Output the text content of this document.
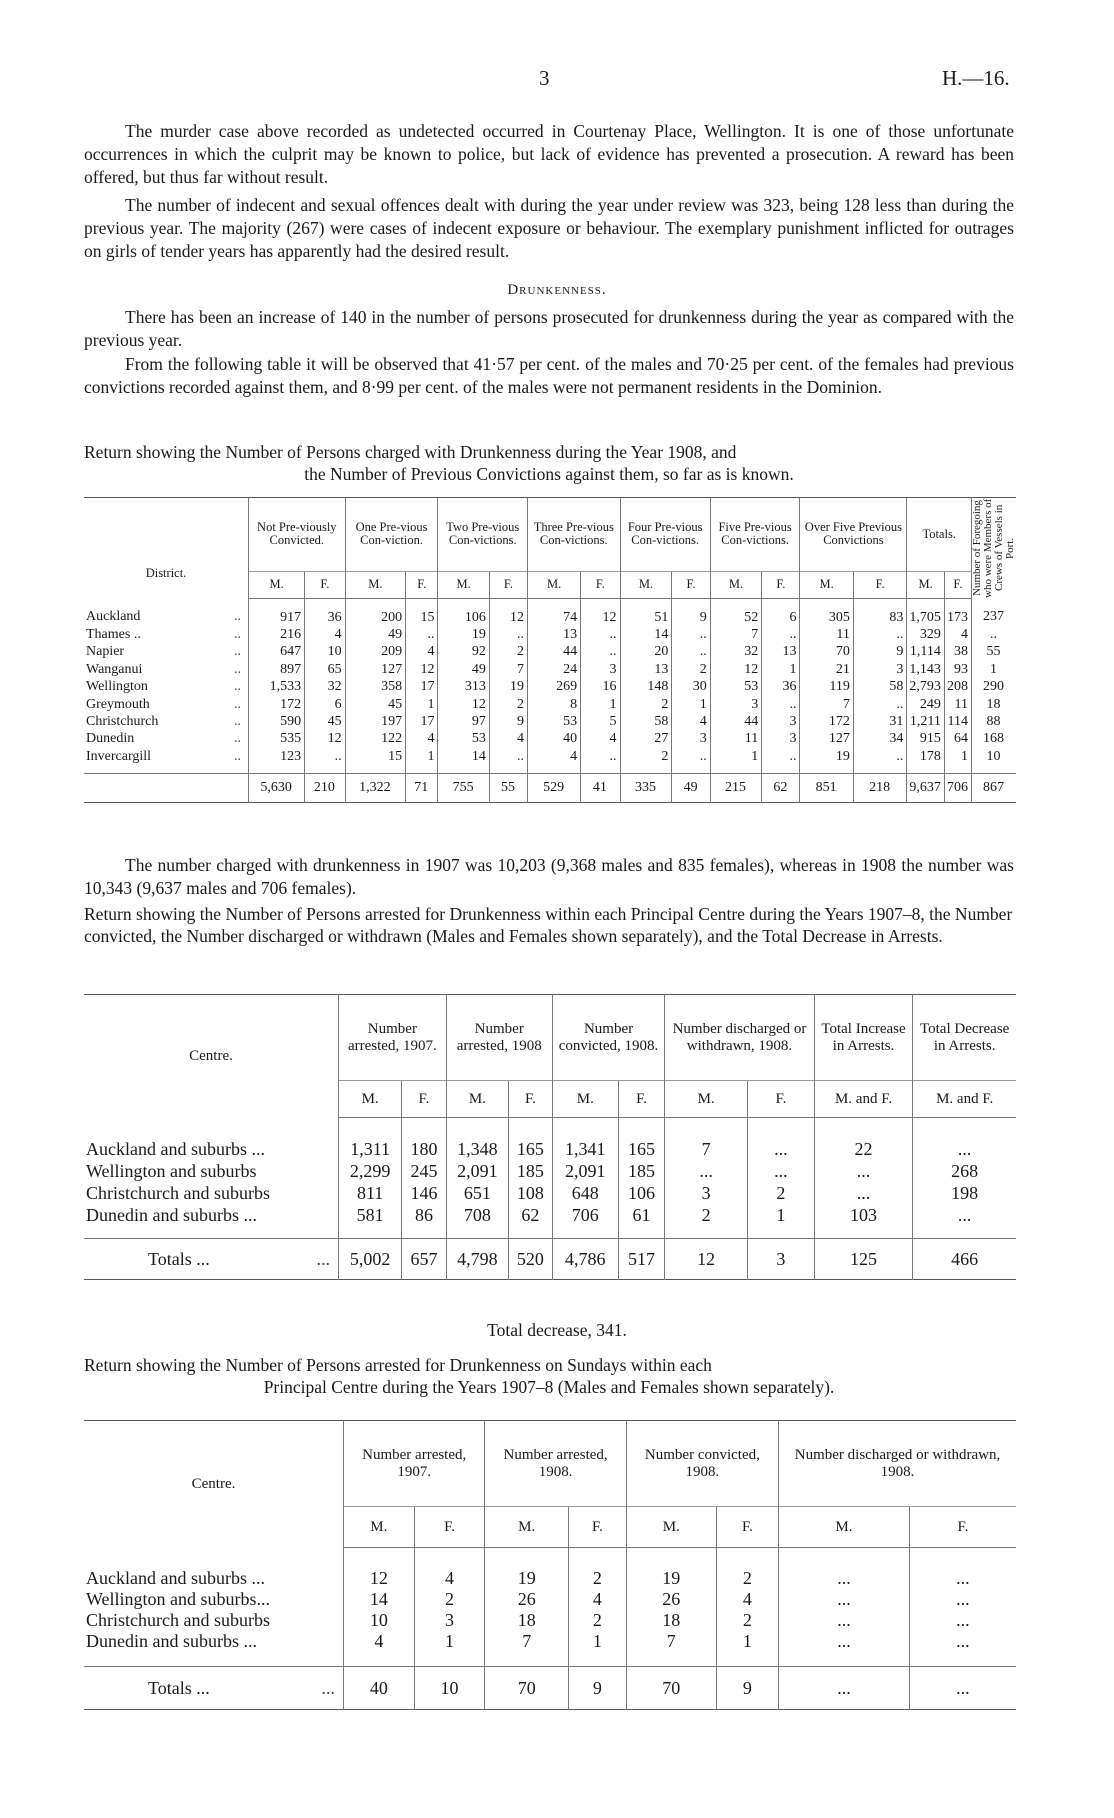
3	H.—16.

The murder case above recorded as undetected occurred in Courtenay Place, Wellington. It is one of those unfortunate occurrences in which the culprit may be known to police, but lack of evidence has prevented a prosecution. A reward has been offered, but thus far without result.

The number of indecent and sexual offences dealt with during the year under review was 323, being 128 less than during the previous year. The majority (267) were cases of indecent exposure or behaviour. The exemplary punishment inflicted for outrages on girls of tender years has apparently had the desired result.

Drunkenness.

There has been an increase of 140 in the number of persons prosecuted for drunkenness during the year as compared with the previous year.

From the following table it will be observed that 41·57 per cent. of the males and 70·25 per cent. of the females had previous convictions recorded against them, and 8·99 per cent. of the males were not permanent residents in the Dominion.

Return showing the Number of Persons charged with Drunkenness during the Year 1908, and
the Number of Previous Convictions against them, so far as is known.
District.	Not Pre-viously Convicted.		One Pre-vious Con-viction.		Two Pre-vious Con-victions.		Three Pre-vious Con-victions.		Four Pre-vious Con-victions.		Five Pre-vious Con-victions.		Over Five Previous Convictions		Totals.		Number of Foregoing who were Members of Crews of Vessels in Port.

	M.	F.	M.	F.	M.	F.	M.	F.	M.	F.	M.	F.	M.	F.	M.	F.	
Auckland ..	917	36	200	15	106	12	74	12	51	9	52	6	305	83	1,705	173	237
Thames .. ..	216	4	49	..	19	..	13	..	14	..	7	..	11	..	329	4	..
Napier ..	647	10	209	4	92	2	44	..	20	..	32	13	70	9	1,114	38	55
Wanganui ..	897	65	127	12	49	7	24	3	13	2	12	1	21	3	1,143	93	1
Wellington ..	1,533	32	358	17	313	19	269	16	148	30	53	36	119	58	2,793	208	290
Greymouth ..	172	6	45	1	12	2	8	1	2	1	3	..	7	..	249	11	18
Christchurch ..	590	45	197	17	97	9	53	5	58	4	44	3	172	31	1,211	114	88
Dunedin ..	535	12	122	4	53	4	40	4	27	3	11	3	127	34	915	64	168
Invercargill ..	123	..	15	1	14	..	4	..	2	..	1	..	19	..	178	1	10
	5,630	210	1,322	71	755	55	529	41	335	49	215	62	851	218	9,637	706	867

The number charged with drunkenness in 1907 was 10,203 (9,368 males and 835 females), whereas in 1908 the number was 10,343 (9,637 males and 706 females).

Return showing the Number of Persons arrested for Drunkenness within each Principal Centre during the Years 1907–8, the Number convicted, the Number discharged or withdrawn (Males and Females shown separately), and the Total Decrease in Arrests.
Centre.	Number arrested, 1907.		Number arrested, 1908		Number convicted, 1908.		Number discharged or withdrawn, 1908.		Total Increase in Arrests.	Total Decrease in Arrests.
	M.	F.	M.	F.	M.	F.	M.	F.	M. and F.	M. and F.
Auckland and suburbs ...	1,311	180	1,348	165	1,341	165	7	...	22	...
Wellington and suburbs	2,299	245	2,091	185	2,091	185	...	...	...	268
Christchurch and suburbs	811	146	651	108	648	106	3	2	...	198
Dunedin and suburbs ...	581	86	708	62	706	61	2	1	103	...
Totals ... ...	5,002	657	4,798	520	4,786	517	12	3	125	466
Total decrease, 341.
Return showing the Number of Persons arrested for Drunkenness on Sundays within each
Principal Centre during the Years 1907–8 (Males and Females shown separately).
Centre.	Number arrested, 1907.		Number arrested, 1908.		Number convicted, 1908.		Number discharged or withdrawn, 1908.	
	M.	F.	M.	F.	M.	F.	M.	F.
Auckland and suburbs ...	12	4	19	2	19	2	...	...
Wellington and suburbs...	14	2	26	4	26	4	...	...
Christchurch and suburbs	10	3	18	2	18	2	...	...
Dunedin and suburbs ...	4	1	7	1	7	1	...	...
Totals ... ...	40	10	70	9	70	9	...	...
